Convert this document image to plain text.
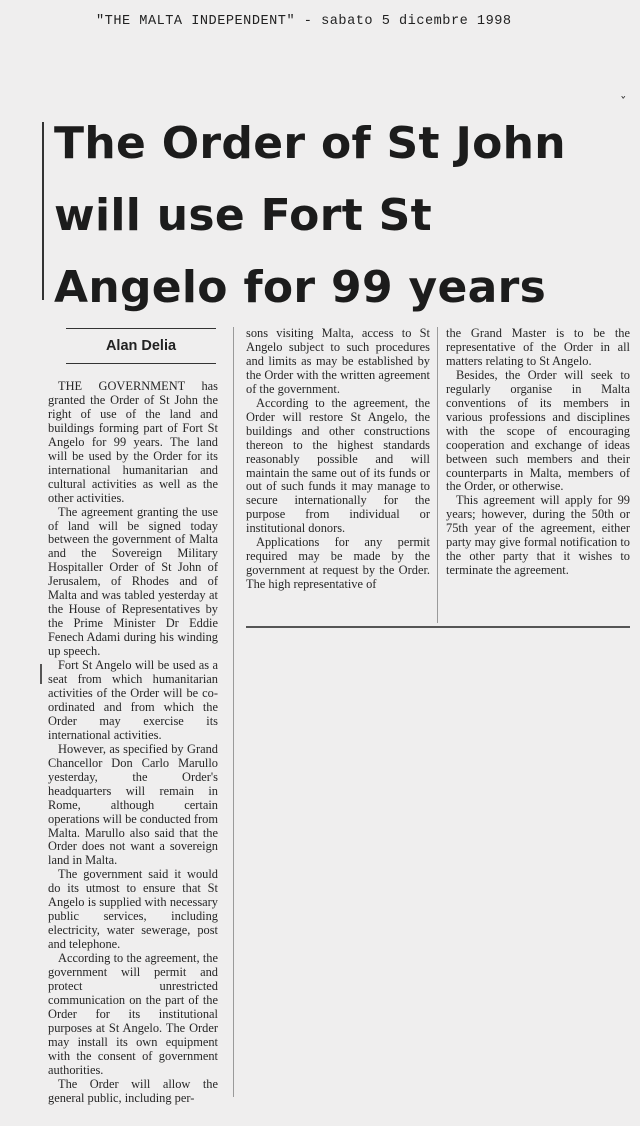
"THE MALTA INDEPENDENT" - sabato 5 dicembre 1998
ˇ
The Order of St John
will use Fort St
Angelo for 99 years
Alan Delia

THE GOVERNMENT has granted the Order of St John the right of use of the land and buildings forming part of Fort St Angelo for 99 years. The land will be used by the Order for its international humanitarian and cultural activities as well as the other activities.

The agreement granting the use of land will be signed today between the government of Malta and the Sovereign Military Hospitaller Order of St John of Jerusalem, of Rhodes and of Malta and was tabled yesterday at the House of Representatives by the Prime Minister Dr Eddie Fenech Adami during his winding up speech.

Fort St Angelo will be used as a seat from which humanitarian activities of the Order will be co-ordinated and from which the Order may exercise its international activities.

However, as specified by Grand Chancellor Don Carlo Marullo yesterday, the Order's headquarters will remain in Rome, although certain operations will be conducted from Malta. Marullo also said that the Order does not want a sovereign land in Malta.

The government said it would do its utmost to ensure that St Angelo is supplied with necessary public services, including electricity, water sewerage, post and telephone.

According to the agreement, the government will permit and protect unrestricted communication on the part of the Order for its institutional purposes at St Angelo. The Order may install its own equipment with the consent of government authorities.

The Order will allow the general public, including per-

sons visiting Malta, access to St Angelo subject to such procedures and limits as may be established by the Order with the written agreement of the government.

According to the agreement, the Order will restore St Angelo, the buildings and other constructions thereon to the highest standards reasonably possible and will maintain the same out of its funds or out of such funds it may manage to secure internationally for the purpose from individual or institutional donors.

Applications for any permit required may be made by the government at request by the Order. The high representative of

the Grand Master is to be the representative of the Order in all matters relating to St Angelo.

Besides, the Order will seek to regularly organise in Malta conventions of its members in various professions and disciplines with the scope of encouraging cooperation and exchange of ideas between such members and their counterparts in Malta, members of the Order, or otherwise.

This agreement will apply for 99 years; however, during the 50th or 75th year of the agreement, either party may give formal notification to the other party that it wishes to terminate the agreement.
